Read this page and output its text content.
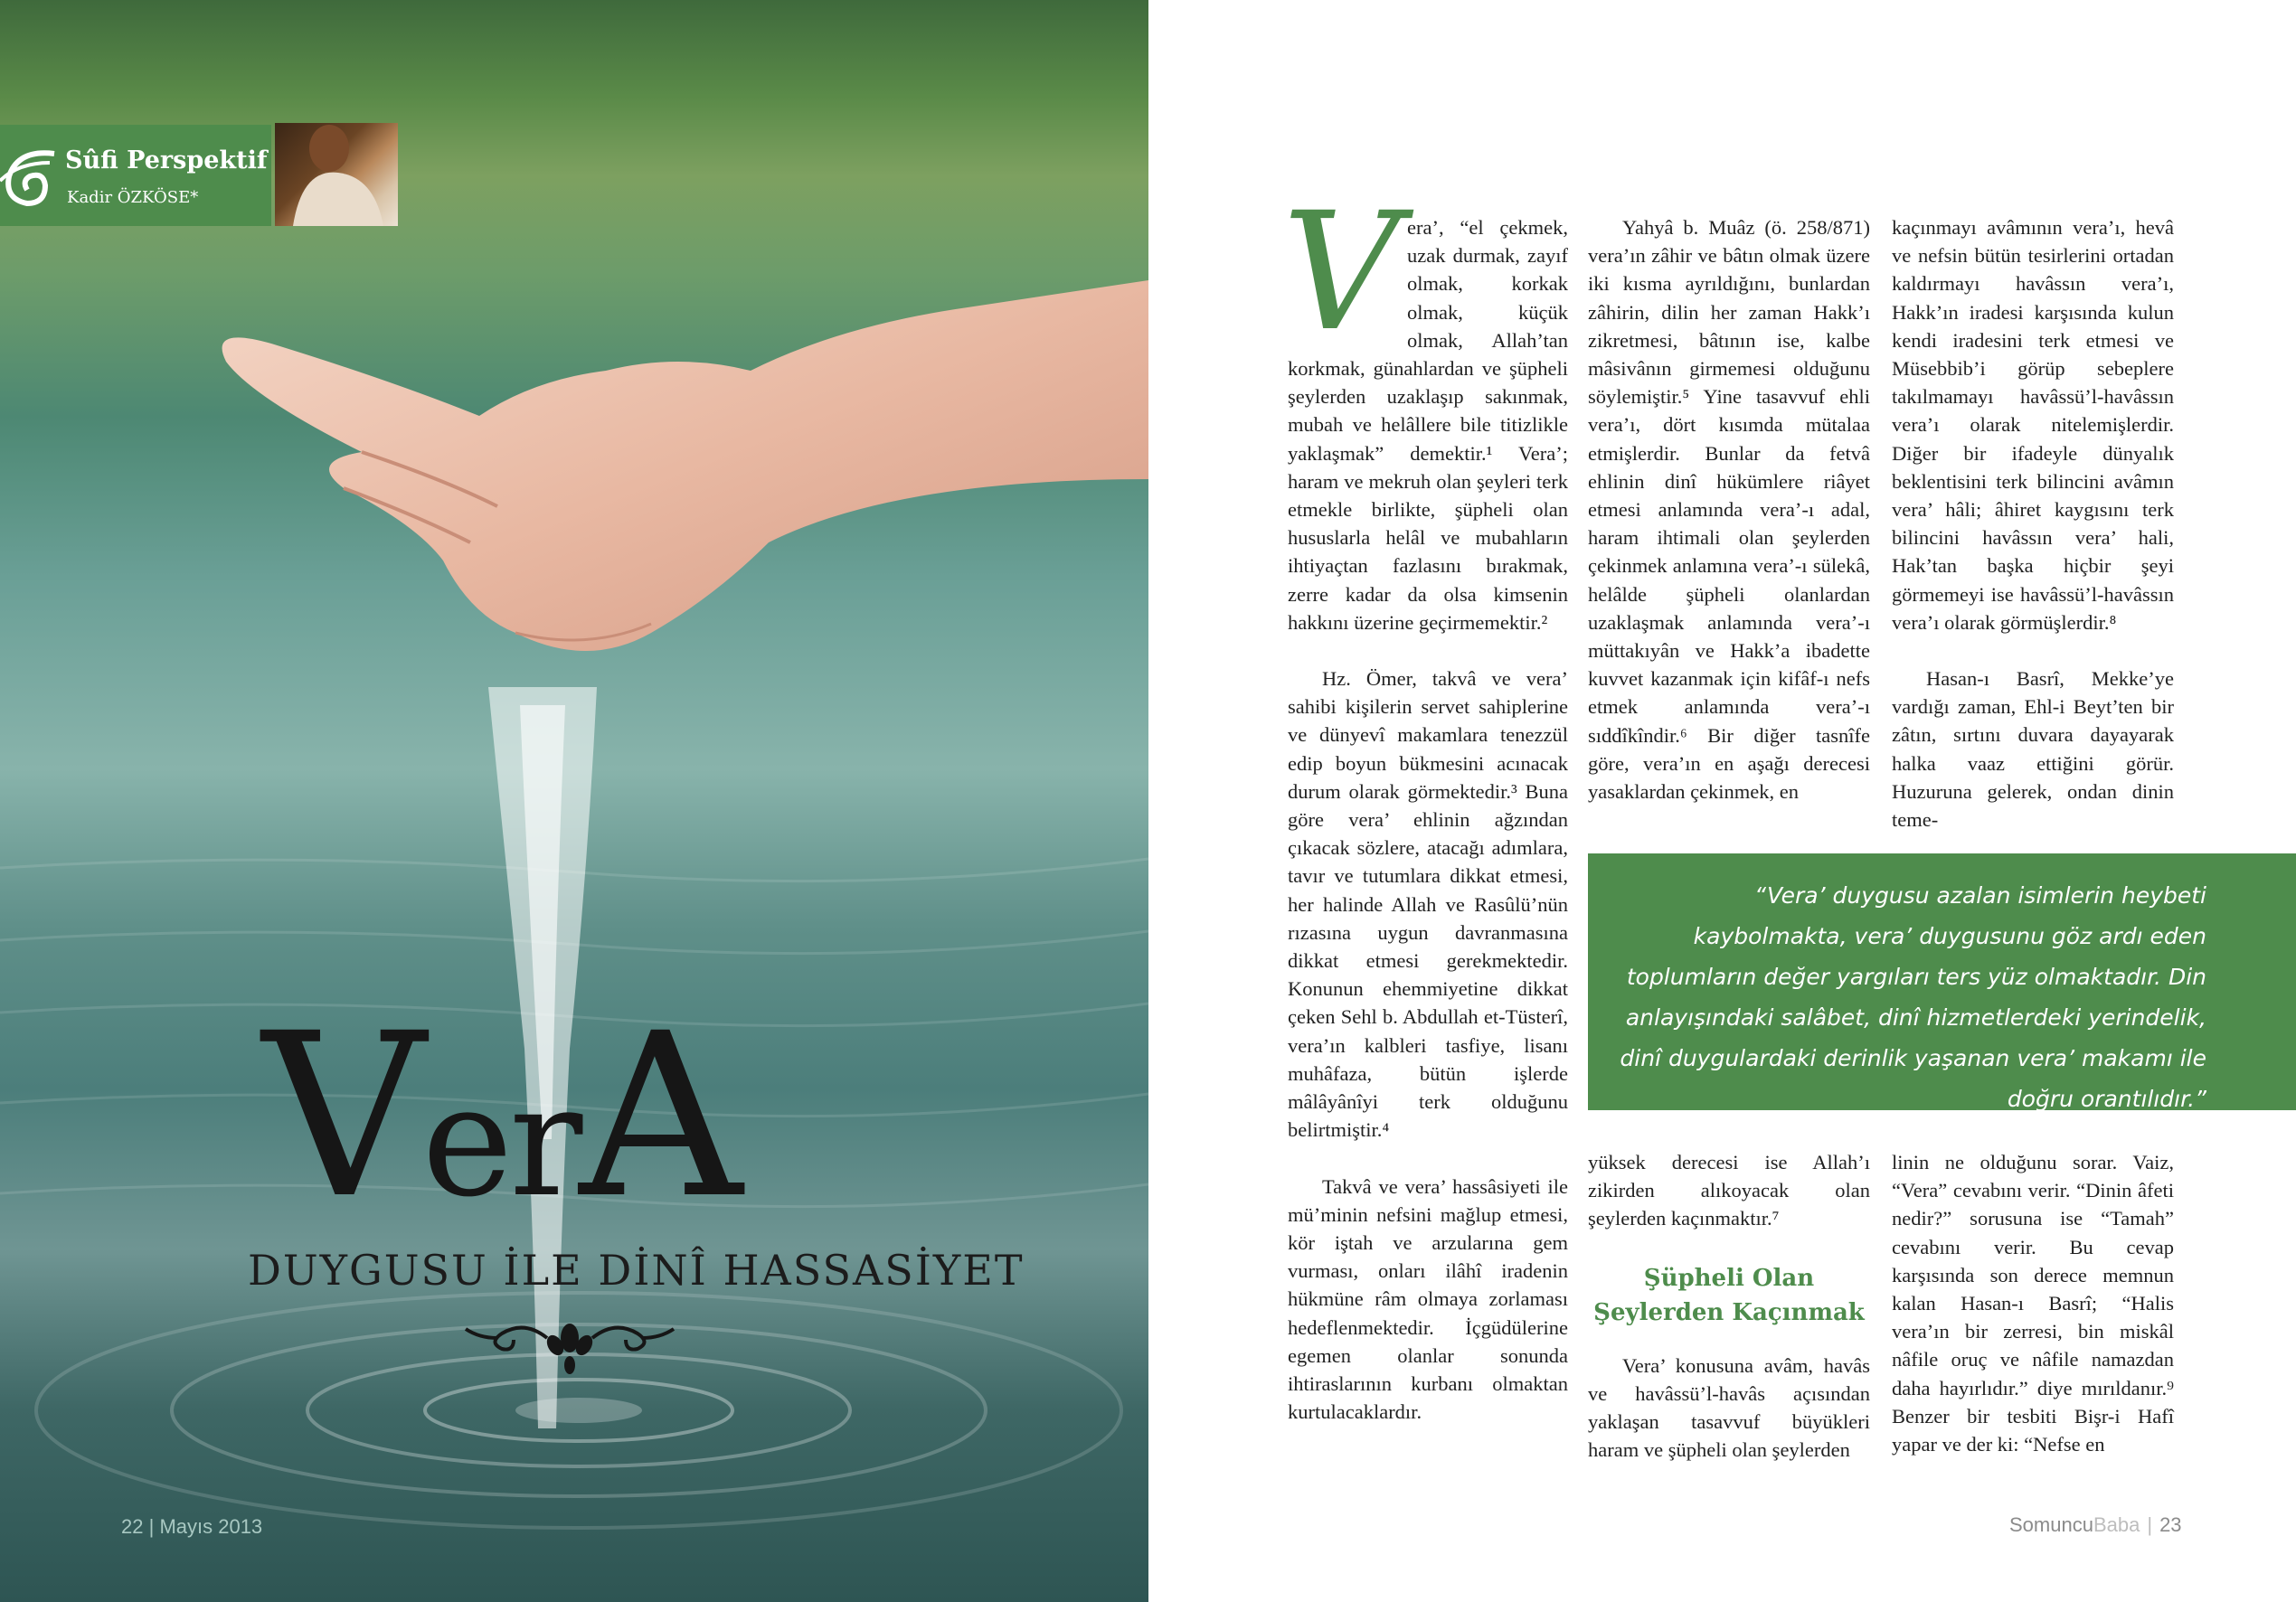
Sûfi Perspektif
Kadir ÖZKÖSE*
VerA
DUYGUSU İLE DİNÎ HASSASİYET
22 | Mayıs 2013
V era’, “el çekmek, uzak durmak, zayıf olmak, korkak olmak, küçük olmak, Allah’tan korkmak, günahlardan ve şüpheli şeylerden uzaklaşıp sakınmak, mubah ve helâllere bile titizlikle yaklaşmak” demektir.¹ Vera’; haram ve mekruh olan şeyleri terk etmekle birlikte, şüpheli olan hususlarla helâl ve mubahların ihtiyaçtan fazlasını bırakmak, zerre kadar da olsa kimsenin hakkını üzerine geçirmemektir.²

Hz. Ömer, takvâ ve vera’ sahibi kişilerin servet sahiplerine ve dünyevî makamlara tenezzül edip boyun bükmesini acınacak durum olarak görmektedir.³ Buna göre vera’ ehlinin ağzından çıkacak sözlere, atacağı adımlara, tavır ve tutumlara dikkat etmesi, her halinde Allah ve Rasûlü’nün rızasına uygun davranmasına dikkat etmesi gerekmektedir. Konunun ehemmiyetine dikkat çeken Sehl b. Abdullah et-Tüsterî, vera’ın kalbleri tasfiye, lisanı muhâfaza, bütün işlerde mâlâyânîyi terk olduğunu belirtmiştir.⁴

Takvâ ve vera’ hassâsiyeti ile mü’minin nefsini mağlup etmesi, kör iştah ve arzularına gem vurması, onları ilâhî iradenin hükmüne râm olmaya zorlaması hedeflenmektedir. İçgüdülerine egemen olanlar sonunda ihtiraslarının kurbanı olmaktan kurtulacaklardır.

Yahyâ b. Muâz (ö. 258/871) vera’ın zâhir ve bâtın olmak üzere iki kısma ayrıldığını, bunlardan zâhirin, dilin her zaman Hakk’ı zikretmesi, bâtının ise, kalbe mâsivânın girmemesi olduğunu söylemiştir.⁵ Yine tasavvuf ehli vera’ı, dört kısımda mütalaa etmişlerdir. Bunlar da fetvâ ehlinin dinî hükümlere riâyet etmesi anlamında vera’-ı adal, haram ihtimali olan şeylerden çekinmek anlamına vera’-ı sülekâ, helâlde şüpheli olanlardan uzaklaşmak anlamında vera’-ı müttakıyân ve Hakk’a ibadette kuvvet kazanmak için kifâf-ı nefs etmek anlamında vera’-ı sıddîkîndir.⁶ Bir diğer tasnîfe göre, vera’ın en aşağı derecesi yasaklardan çekinmek, en

kaçınmayı avâmının vera’ı, hevâ ve nefsin bütün tesirlerini ortadan kaldırmayı havâssın vera’ı, Hakk’ın iradesi karşısında kulun kendi iradesini terk etmesi ve Müsebbib’i görüp sebeplere takılmamayı havâssü’l-havâssın vera’ı olarak nitelemişlerdir. Diğer bir ifadeyle dünyalık beklentisini terk bilincini avâmın vera’ hâli; âhiret kaygısını terk bilincini havâssın vera’ hali, Hak’tan başka hiçbir şeyi görmemeyi ise havâssü’l-havâssın vera’ı olarak görmüşlerdir.⁸

Hasan-ı Basrî, Mekke’ye vardığı zaman, Ehl-i Beyt’ten bir zâtın, sırtını duvara dayayarak halka vaaz ettiğini görür. Huzuruna gelerek, ondan dinin teme-

“Vera’ duygusu azalan isimlerin heybeti kaybolmakta, vera’ duygusunu göz ardı eden toplumların değer yargıları ters yüz olmaktadır. Din anlayışındaki salâbet, dinî hizmetlerdeki yerindelik, dinî duygulardaki derinlik yaşanan vera’ makamı ile doğru orantılıdır.”

yüksek derecesi ise Allah’ı zikirden alıkoyacak olan şeylerden kaçınmaktır.⁷

Şüpheli Olan
Şeylerden Kaçınmak

Vera’ konusuna avâm, havâs ve havâssü’l-havâs açısından yaklaşan tasavvuf büyükleri haram ve şüpheli olan şeylerden

linin ne olduğunu sorar. Vaiz, “Vera” cevabını verir. “Dinin âfeti nedir?” sorusuna ise “Tamah” cevabını verir. Bu cevap karşısında son derece memnun kalan Hasan-ı Basrî; “Halis vera’ın bir zerresi, bin miskâl nâfile oruç ve nâfile namazdan daha hayırlıdır.” diye mırıldanır.⁹ Benzer bir tesbiti Bişr-i Hafî yapar ve der ki: “Nefse en

SomuncuBaba | 23
